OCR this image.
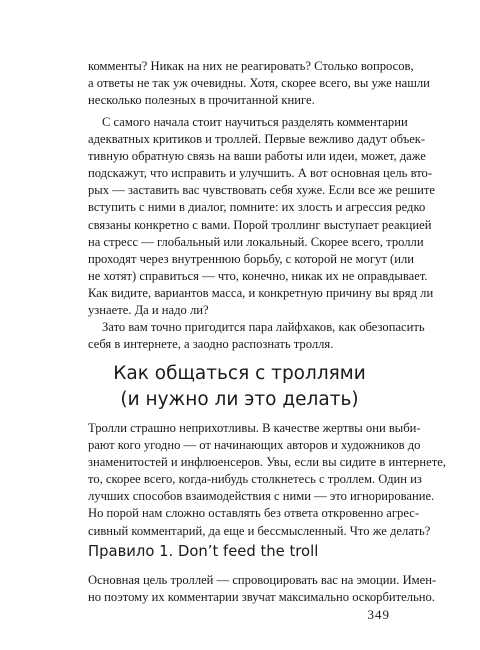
комменты? Никак на них не реагировать? Столько вопросов,
а ответы не так уж очевидны. Хотя, скорее всего, вы уже нашли
несколько полезных в прочитанной книге.
С самого начала стоит научиться разделять комментарии
адекватных критиков и троллей. Первые вежливо дадут объек-
тивную обратную связь на ваши работы или идеи, может, даже
подскажут, что исправить и улучшить. А вот основная цель вто-
рых — заставить вас чувствовать себя хуже. Если все же решите
вступить с ними в диалог, помните: их злость и агрессия редко
связаны конкретно с вами. Порой троллинг выступает реакцией
на стресс — глобальный или локальный. Скорее всего, тролли
проходят через внутреннюю борьбу, с которой не могут (или
не хотят) справиться — что, конечно, никак их не оправдывает.
Как видите, вариантов масса, и конкретную причину вы вряд ли
узнаете. Да и надо ли?
Зато вам точно пригодится пара лайфхаков, как обезопасить
себя в интернете, а заодно распознать тролля.
Как общаться с троллями
(и нужно ли это делать)
Тролли страшно неприхотливы. В качестве жертвы они выби-
рают кого угодно — от начинающих авторов и художников до
знаменитостей и инфлюенсеров. Увы, если вы сидите в интернете,
то, скорее всего, когда-нибудь столкнетесь с троллем. Один из
лучших способов взаимодействия с ними — это игнорирование.
Но порой нам сложно оставлять без ответа откровенно агрес-
сивный комментарий, да еще и бессмысленный. Что же делать?
Правило 1. Don’t feed the troll
Основная цель троллей — спровоцировать вас на эмоции. Имен-
но поэтому их комментарии звучат максимально оскорбительно.
349
